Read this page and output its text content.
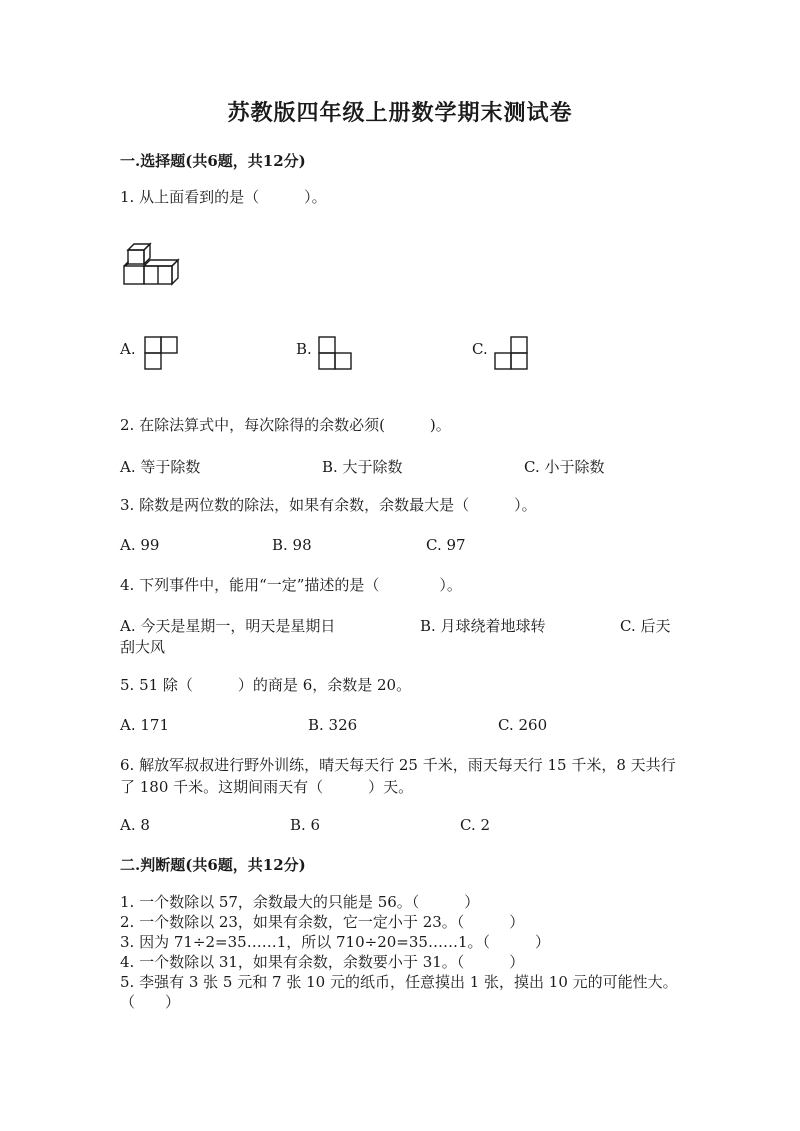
苏教版四年级上册数学期末测试卷
一.选择题(共6题，共12分)
1. 从上面看到的是（　　　）。
A.	B.	C.
2. 在除法算式中，每次除得的余数必须(　　　)。
A. 等于除数	B. 大于除数	C. 小于除数
3. 除数是两位数的除法，如果有余数，余数最大是（　　　）。
A. 99	B. 98	C. 97
4. 下列事件中，能用“一定”描述的是（　　　　）。
A. 今天是星期一，明天是星期日	B. 月球绕着地球转	C. 后天
刮大风
5. 51 除（　　　）的商是 6，余数是 20。
A. 171	B. 326	C. 260
6. 解放军叔叔进行野外训练，晴天每天行 25 千米，雨天每天行 15 千米，8 天共行了 180 千米。这期间雨天有（　　　）天。
A. 8	B. 6	C. 2
二.判断题(共6题，共12分)
1. 一个数除以 57，余数最大的只能是 56。（　　　）
2. 一个数除以 23，如果有余数，它一定小于 23。（　　　）
3. 因为 71÷2=35……1，所以 710÷20=35……1。（　　　）
4. 一个数除以 31，如果有余数，余数要小于 31。（　　　）
5. 李强有 3 张 5 元和 7 张 10 元的纸币，任意摸出 1 张，摸出 10 元的可能性大。　（　　）
